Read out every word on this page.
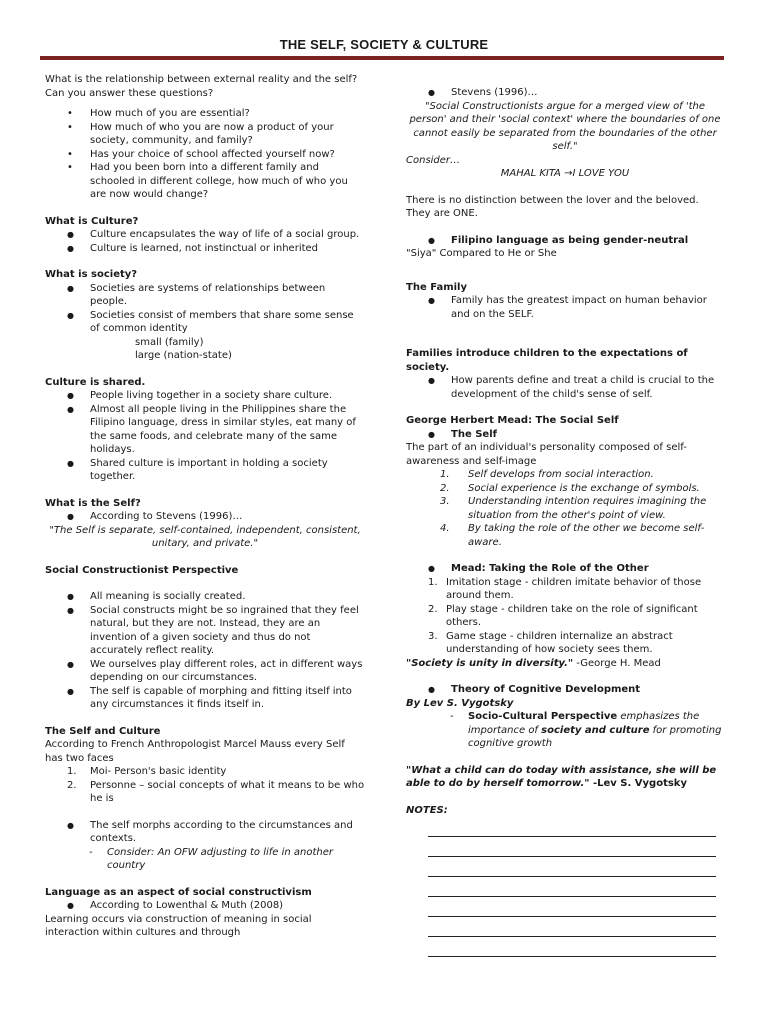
THE SELF, SOCIETY & CULTURE

What is the relationship between external reality and the self?

Can you answer these questions?

• How much of you are essential?
• How much of who you are now a product of your society, community, and family?
• Has your choice of school affected yourself now?
• Had you been born into a different family and schooled in different college, how much of who you are now would change?

What is Culture?

● Culture encapsulates the way of life of a social group.
● Culture is learned, not instinctual or inherited

What is society?

● Societies are systems of relationships between people.
● Societies consist of members that share some sense of common identity

small (family)

large (nation-state)

Culture is shared.

● People living together in a society share culture.
● Almost all people living in the Philippines share the Filipino language, dress in similar styles, eat many of the same foods, and celebrate many of the same holidays.
● Shared culture is important in holding a society together.

What is the Self?

● According to Stevens (1996)…

"The Self is separate, self-contained, independent, consistent, unitary, and private."

Social Constructionist Perspective

● All meaning is socially created.
● Social constructs might be so ingrained that they feel natural, but they are not. Instead, they are an invention of a given society and thus do not accurately reflect reality.
● We ourselves play different roles, act in different ways depending on our circumstances.
● The self is capable of morphing and fitting itself into any circumstances it finds itself in.

The Self and Culture

According to French Anthropologist Marcel Mauss every Self has two faces

1. Moi- Person's basic identity
2. Personne – social concepts of what it means to be who he is
● The self morphs according to the circumstances and contexts.
- Consider: An OFW adjusting to life in another country

Language as an aspect of social constructivism

● According to Lowenthal & Muth (2008)

Learning occurs via construction of meaning in social interaction within cultures and through

● Stevens (1996)…

"Social Constructionists argue for a merged view of 'the person' and their 'social context' where the boundaries of one cannot easily be separated from the boundaries of the other self."

Consider…

MAHAL KITA →I LOVE YOU

There is no distinction between the lover and the beloved. They are ONE.

● Filipino language as being gender-neutral

"Siya" Compared to He or She

The Family

● Family has the greatest impact on human behavior and on the SELF.

Families introduce children to the expectations of society.

● How parents define and treat a child is crucial to the development of the child's sense of self.

George Herbert Mead: The Social Self

● The Self

The part of an individual's personality composed of self-awareness and self-image

1. Self develops from social interaction.
2. Social experience is the exchange of symbols.
3. Understanding intention requires imagining the situation from the other's point of view.
4. By taking the role of the other we become self-aware.
● Mead: Taking the Role of the Other
1. Imitation stage - children imitate behavior of those around them.
2. Play stage - children take on the role of significant others.
3. Game stage - children internalize an abstract understanding of how society sees them.

"Society is unity in diversity." -George H. Mead

● Theory of Cognitive Development

By Lev S. Vygotsky

- Socio-Cultural Perspective emphasizes the importance of society and culture for promoting cognitive growth

"What a child can do today with assistance, she will be able to do by herself tomorrow." -Lev S. Vygotsky

NOTES:
